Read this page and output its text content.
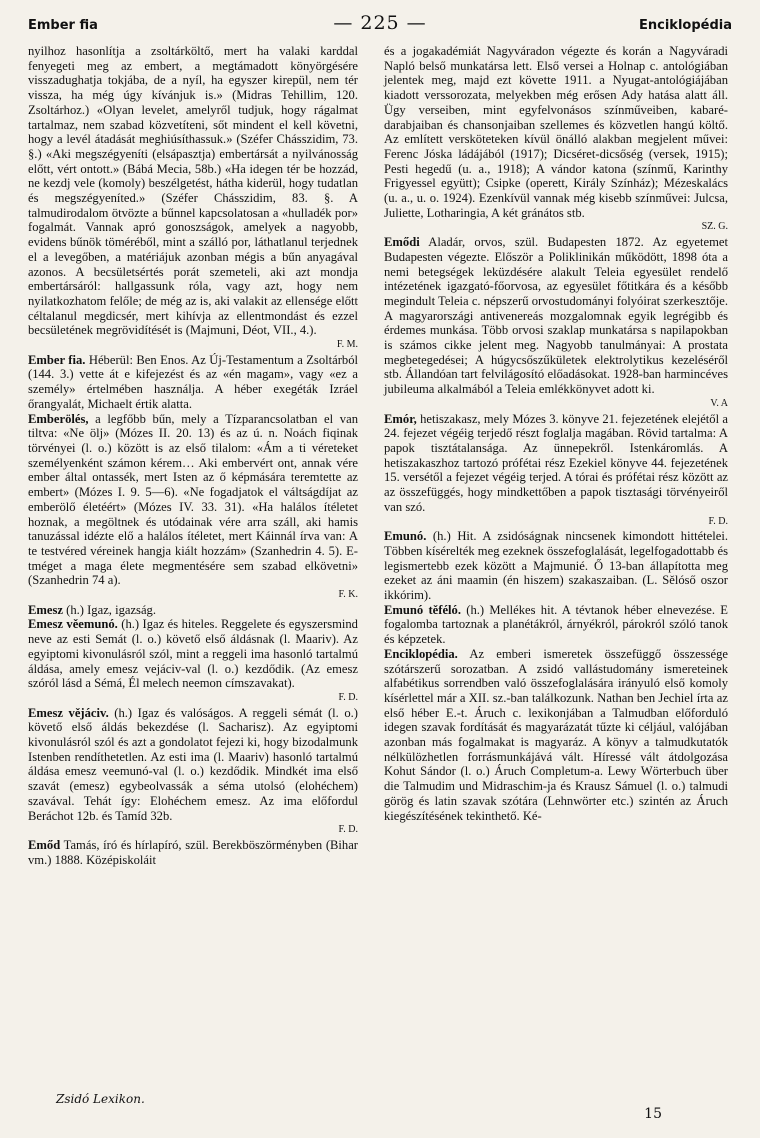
Ember fia	— 225 —	Enciklopédia

nyilhoz hasonlítja a zsoltárköltő, mert ha valaki karddal fenyegeti meg az embert, a megtámadott könyörgésére visszadughatja tokjába, de a nyíl, ha egyszer kirepül, nem tér vissza, ha még úgy kívánjuk is.» (Midras Tehillim, 120. Zsoltárhoz.) «Olyan levelet, amelyről tudjuk, hogy rágalmat tartalmaz, nem szabad közvetíteni, sőt mindent el kell követni, hogy a levél átadását meghiúsíthassuk.» (Széfer Chásszidim, 73. §.) «Aki megszégyeníti (elsápasztja) embertársát a nyilvánosság előtt, vért ontott.» (Bábá Mecia, 58b.) «Ha idegen tér be hozzád, ne kezdj vele (komoly) beszélgetést, hátha kiderül, hogy tudatlan és megszégyeníted.» (Széfer Chásszidim, 83. §. A talmudirodalom ötvözte a bűnnel kapcsolatosan a «hulladék por» fogalmát. Vannak apró gonoszságok, amelyek a nagyobb, evidens bűnök töméréből, mint a szálló por, láthatlanul terjednek el a levegőben, a matériájuk azonban mégis a bűn anyagával azonos. A becsületsértés porát szemeteli, aki azt mondja embertársáról: hallgassunk róla, vagy azt, hogy nem nyilatkozhatom felőle; de még az is, aki valakit az ellensége előtt céltalanul megdicsér, mert kihívja az ellentmondást és ezzel becsületének megrövidítését is (Majmuni, Déot, VII., 4.).
F. M.

Ember fia. Héberül: Ben Enos. Az Új-Testamentum a Zsoltárból (144. 3.) vette át e kifejezést és az «én magam», vagy «ez a személy» értelmében használja. A héber exegéták Izráel őrangyalát, Michaelt értik alatta.

Emberölés, a legfőbb bűn, mely a Tízparancsolatban el van tiltva: «Ne ölj» (Mózes II. 20. 13) és az ú. n. Noách fiqinak törvényei (l. o.) között is az első tilalom: «Ám a ti véreteket személyenként számon kérem… Aki embervért ont, annak vére ember által ontassék, mert Isten az ő képmására teremtette az embert» (Mózes I. 9. 5—6). «Ne fogadjatok el váltságdíjat az emberölő életéért» (Mózes IV. 33. 31). «Ha halálos ítéletet hoznak, a megöltnek és utódainak vére arra száll, aki hamis tanuzással idézte elő a halálos ítéletet, mert Káinnál írva van: A te testvéred véreinek hangja kiált hozzám» (Szanhedrin 4. 5). E-tméget a maga élete megmentésére sem szabad elkövetni» (Szanhedrin 74 a).
F. K.

Emesz (h.) Igaz, igazság.

Emesz věemunó. (h.) Igaz és hiteles. Reggelete és egyszersmind neve az esti Semát (l. o.) követő első áldásnak (l. Maariv). Az egyiptomi kivonulásról szól, mint a reggeli ima hasonló tartalmú áldása, amely emesz vejáciv-val (l. o.) kezdődik. (Az emesz szóról lásd a Sémá, Él melech neemon címszavakat).
F. D.

Emesz vějáciv. (h.) Igaz és valóságos. A reggeli sémát (l. o.) követő első áldás bekezdése (l. Sacharisz). Az egyiptomi kivonulásról szól és azt a gondolatot fejezi ki, hogy bizodalmunk Istenben rendíthetetlen. Az esti ima (l. Maariv) hasonló tartalmú áldása emesz veemunó-val (l. o.) kezdődik. Mindkét ima első szavát (emesz) egybeolvassák a séma utolsó (elohéchem) szavával. Tehát így: Elohéchem emesz. Az ima előfordul Beráchot 12b. és Tamíd 32b.
F. D.

Emőd Tamás, író és hírlapíró, szül. Berekböszörményben (Bihar vm.) 1888. Középiskoláit

és a jogakadémiát Nagyváradon végezte és korán a Nagyváradi Napló belső munkatársa lett. Első versei a Holnap c. antológiában jelentek meg, majd ezt követte 1911. a Nyugat-antológiájában kiadott verssorozata, melyekben még erősen Ady hatása alatt áll. Ügy verseiben, mint egyfelvonásos színműveiben, kabaré-darabjaiban és chansonjaiban szellemes és közvetlen hangú költő. Az említett versköteteken kívül önálló alakban megjelent művei: Ferenc Jóska ládájából (1917); Dicséret-dicsőség (versek, 1915); Pesti hegedű (u. a., 1918); A vándor katona (színmű, Karinthy Frigyessel együtt); Csipke (operett, Király Színház); Mézeskalács (u. a., u. o. 1924). Ezenkívül vannak még kisebb színművei: Julcsa, Juliette, Lotharingia, A két gránátos stb.
SZ. G.

Emődi Aladár, orvos, szül. Budapesten 1872. Az egyetemet Budapesten végezte. Először a Poliklinikán működött, 1898 óta a nemi betegségek leküzdésére alakult Teleia egyesület rendelő intézetének igazgató-főorvosa, az egyesület főtitkára és a később megindult Teleia c. népszerű orvostudományi folyóirat szerkesztője. A magyarországi antivenereás mozgalomnak egyik legrégibb és érdemes munkása. Több orvosi szaklap munkatársa s napilapokban is számos cikke jelent meg. Nagyobb tanulmányai: A prostata megbetegedései; A húgycsőszűkületek elektrolytikus kezeléséről stb. Állandóan tart felvilágosító előadásokat. 1928-ban harmincéves jubileuma alkalmából a Teleia emlékkönyvet adott ki.
V. A

Emór, hetiszakasz, mely Mózes 3. könyve 21. fejezetének elejétől a 24. fejezet végéig terjedő részt foglalja magában. Rövid tartalma: A papok tisztátalansága. Az ünnepekről. Istenkáromlás. A hetiszakaszhoz tartozó prófétai rész Ezekiel könyve 44. fejezetének 15. versétől a fejezet végéig terjed. A tórai és prófétai rész között az az összefüggés, hogy mindkettőben a papok tisztasági törvényeiről van szó.
F. D.

Emunó. (h.) Hit. A zsidóságnak nincsenek kimondott hittételei. Többen kísérelték meg ezeknek összefoglalását, legelfogadottabb és legismertebb ezek között a Majmunié. Ő 13-ban állapította meg ezeket az áni maamin (én hiszem) szakaszaiban. (L. Sělóső oszor ikkórim).

Emunó těféló. (h.) Mellékes hit. A tévtanok héber elnevezése. E fogalomba tartoznak a planétákról, árnyékról, párokról szóló tanok és képzetek.

Enciklopédia. Az emberi ismeretek összefüggő összessége szótárszerű sorozatban. A zsidó vallástudomány ismereteinek alfabétikus sorrendben való összefoglalására irányuló első komoly kísérlettel már a XII. sz.-ban találkozunk. Nathan ben Jechiel írta az első héber E.-t. Áruch c. lexikonjában a Talmudban előforduló idegen szavak fordítását és magyarázatát tűzte ki céljául, valójában azonban más fogalmakat is magyaráz. A könyv a talmudkutatók nélkülözhetlen forrásmunkájává vált. Híressé vált átdolgozása Kohut Sándor (l. o.) Áruch Completum-a. Lewy Wörterbuch über die Talmudim und Midraschim-ja és Krausz Sámuel (l. o.) talmudi görög és latin szavak szótára (Lehnwörter etc.) szintén az Áruch kiegészítésének tekinthető. Ké-

Zsidó Lexikon.
15
